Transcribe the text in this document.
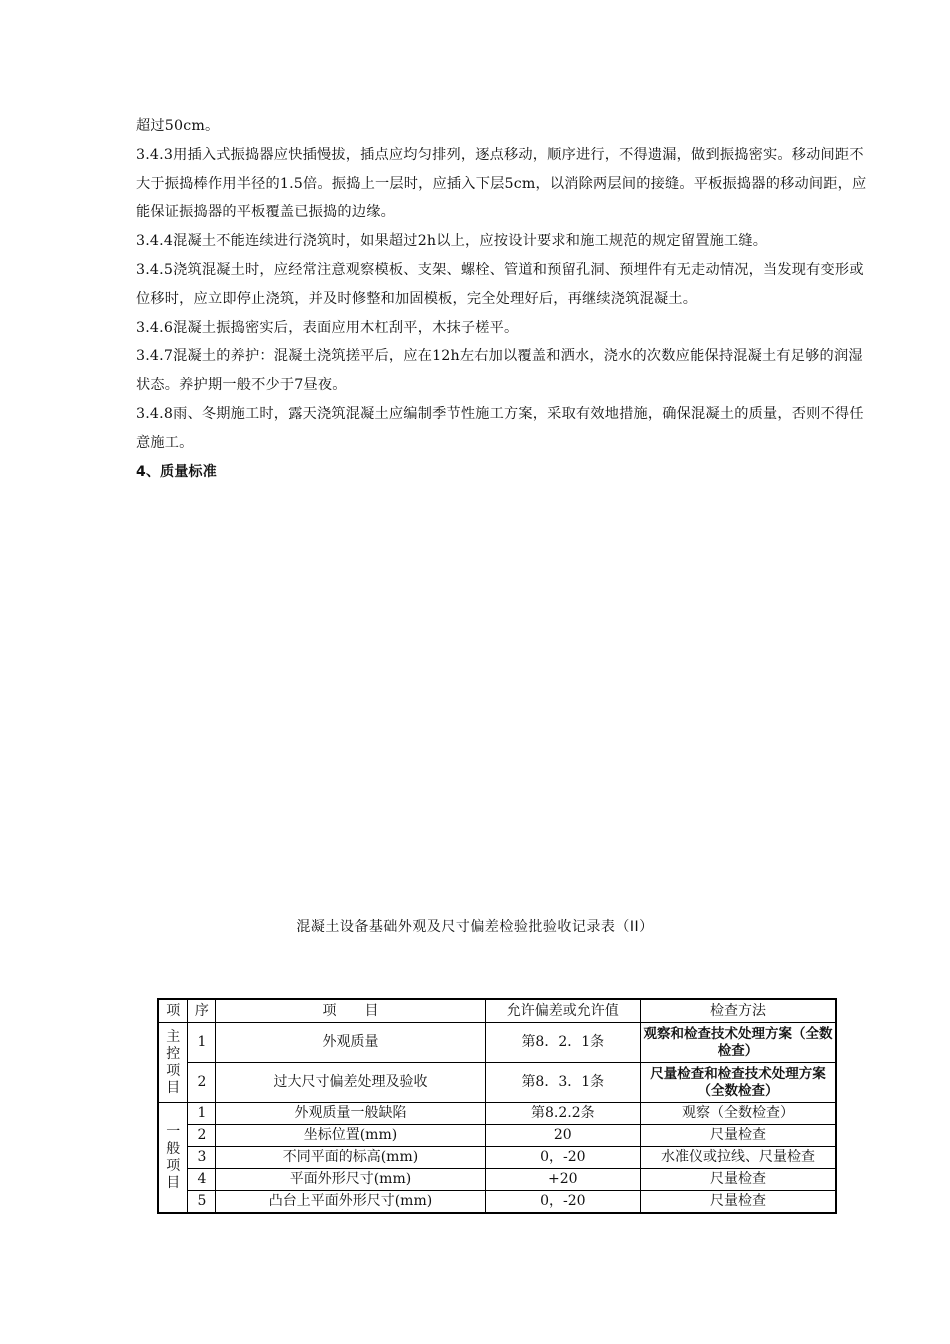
超过50cm。

3.4.3用插入式振捣器应快插慢拔，插点应均匀排列，逐点移动，顺序进行，不得遗漏，做到振捣密实。移动间距不大于振捣棒作用半径的1.5倍。振捣上一层时，应插入下层5cm，以消除两层间的接缝。平板振捣器的移动间距，应能保证振捣器的平板覆盖已振捣的边缘。

3.4.4混凝土不能连续进行浇筑时，如果超过2h以上，应按设计要求和施工规范的规定留置施工缝。

3.4.5浇筑混凝土时，应经常注意观察模板、支架、螺栓、管道和预留孔洞、预埋件有无走动情况，当发现有变形或位移时，应立即停止浇筑，并及时修整和加固模板，完全处理好后，再继续浇筑混凝土。

3.4.6混凝土振捣密实后，表面应用木杠刮平，木抹子槎平。

3.4.7混凝土的养护：混凝土浇筑搓平后，应在12h左右加以覆盖和洒水，浇水的次数应能保持混凝土有足够的润湿状态。养护期一般不少于7昼夜。

3.4.8雨、冬期施工时，露天浇筑混凝土应编制季节性施工方案，采取有效地措施，确保混凝土的质量，否则不得任意施工。

4、质量标准

混凝土设备基础外观及尺寸偏差检验批验收记录表（II）
项	序	项　　目	允许偏差或允许值	检查方法
主控项目	1	外观质量	第8．2．1条	观察和检查技术处理方案（全数检查）
	2	过大尺寸偏差处理及验收	第8．3．1条	尺量检查和检查技术处理方案（全数检查）
一般项目	1	外观质量一般缺陷	第8.2.2条	观察（全数检查）
	2	坐标位置(mm)	20	尺量检查
	3	不同平面的标高(mm)	0，-20	水准仪或拉线、尺量检查
	4	平面外形尺寸(mm)	+20	尺量检查
	5	凸台上平面外形尺寸(mm)	0，-20	尺量检查
